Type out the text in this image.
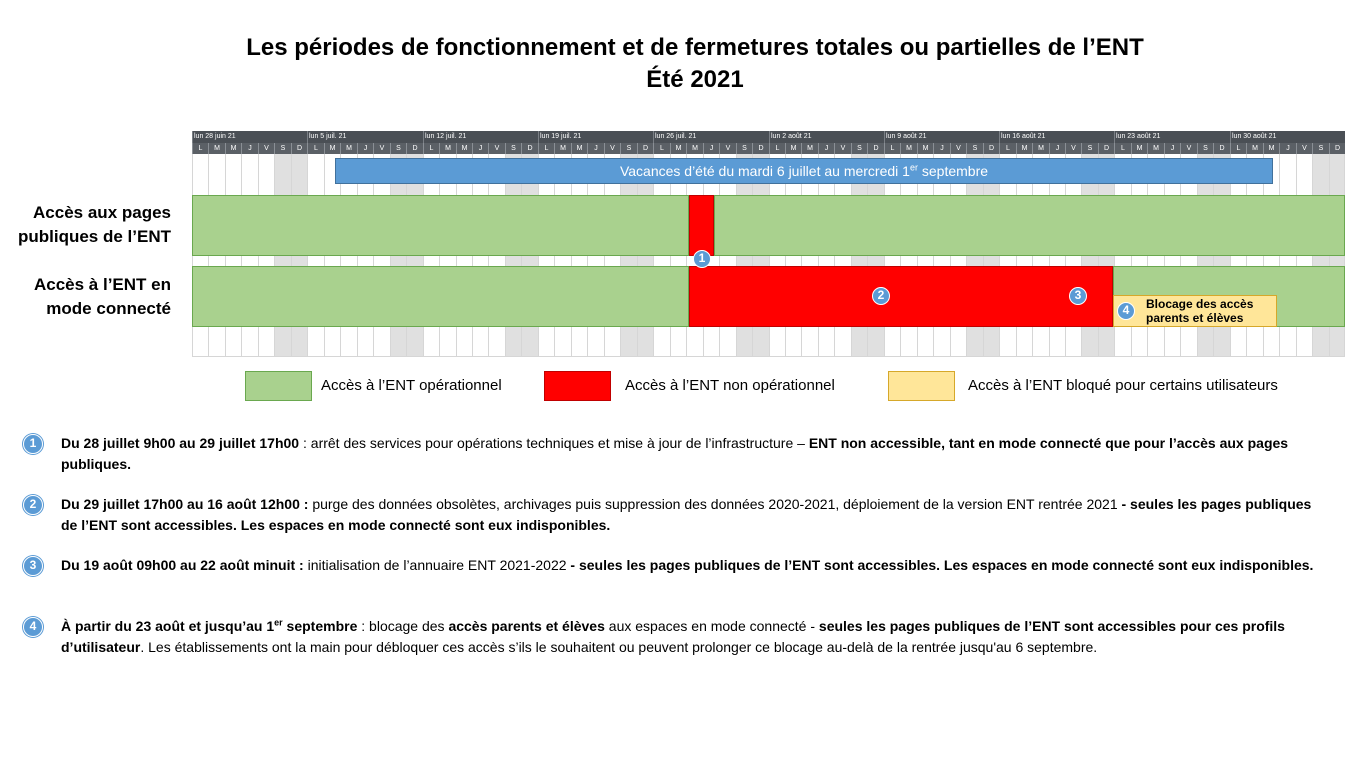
Les périodes de fonctionnement et de fermetures totales ou partielles de l’ENT
Été 2021
Accès aux pages
publiques de l’ENT
Accès à l’ENT en
mode connecté
lun 28 juin 21	lun 5 juil. 21	lun 12 juil. 21	lun 19 juil. 21	lun 26 juil. 21	lun 2 août 21	lun 9 août 21	lun 16 août 21	lun 23 août 21	lun 30 août 21
L	M	M	J	V	S	D	L	M	M	J	V	S	D	L	M	M	J	V	S	D	L	M	M	J	V	S	D	L	M	M	J	V	S	D	L	M	M	J	V	S	D	L	M	M	J	V	S	D	L	M	M	J	V	S	D	L	M	M	J	V	S	D	L	M	M	J	V	S	D
Vacances d’été du mardi 6 juillet au mercredi 1er septembre
Blocage des accès
parents et élèves
1
2	3
4
Accès à l’ENT opérationnel	Accès à l’ENT non opérationnel	Accès à l’ENT bloqué pour certains utilisateurs
1	Du 28 juillet 9h00 au 29 juillet 17h00 : arrêt des services pour opérations techniques et mise à jour de l’infrastructure – ENT non accessible, tant en mode connecté que pour l’accès aux pages publiques.
2	Du 29 juillet 17h00 au 16 août 12h00 : purge des données obsolètes, archivages puis suppression des données 2020-2021, déploiement de la version ENT rentrée 2021 - seules les pages publiques de l’ENT sont accessibles. Les espaces en mode connecté sont eux indisponibles.
3	Du 19 août 09h00 au 22 août minuit : initialisation de l’annuaire ENT 2021-2022 - seules les pages publiques de l’ENT sont accessibles. Les espaces en mode connecté sont eux indisponibles.
4	À partir du 23 août et jusqu’au 1er septembre : blocage des accès parents et élèves aux espaces en mode connecté - seules les pages publiques de l’ENT sont accessibles pour ces profils d’utilisateur. Les établissements ont la main pour débloquer ces accès s’ils le souhaitent ou peuvent prolonger ce blocage au-delà de la rentrée jusqu'au 6 septembre.
